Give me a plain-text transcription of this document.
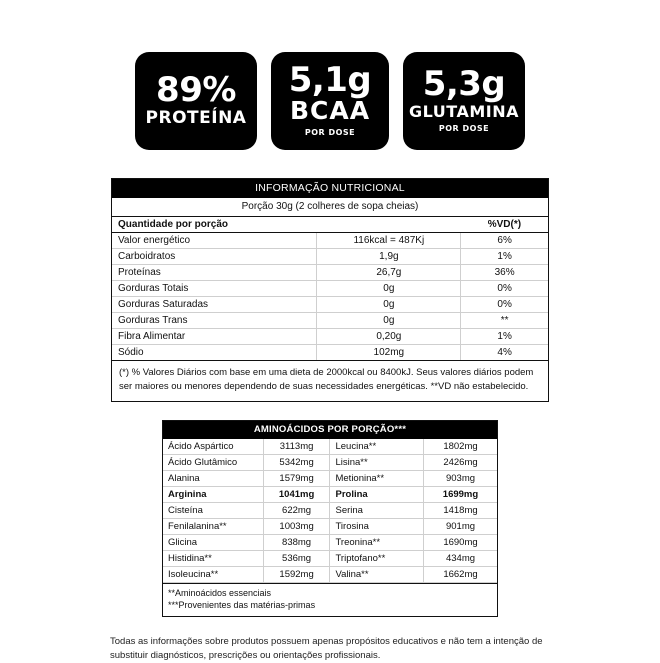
89%
PROTEÍNA
5,1g
BCAA
POR DOSE
5,3g
GLUTAMINA
POR DOSE
INFORMAÇÃO NUTRICIONAL
Porção 30g (2 colheres de sopa cheias)
Quantidade por porção		%VD(*)
Valor energético	116kcal = 487Kj	6%
Carboidratos	1,9g	1%
Proteínas	26,7g	36%
Gorduras Totais	0g	0%
Gorduras Saturadas	0g	0%
Gorduras Trans	0g	**
Fibra Alimentar	0,20g	1%
Sódio	102mg	4%
(*) % Valores Diários com base em uma dieta de 2000kcal ou 8400kJ. Seus valores diários podem ser maiores ou menores dependendo de suas necessidades energéticas. **VD não estabelecido.
AMINOÁCIDOS POR PORÇÃO***
Ácido Aspártico	3113mg	Leucina**	1802mg
Ácido Glutâmico	5342mg	Lisina**	2426mg
Alanina	1579mg	Metionina**	903mg
Arginina	1041mg	Prolina	1699mg
Cisteína	622mg	Serina	1418mg
Fenilalanina**	1003mg	Tirosina	901mg
Glicina	838mg	Treonina**	1690mg
Histidina**	536mg	Triptofano**	434mg
Isoleucina**	1592mg	Valina**	1662mg
**Aminoácidos essenciais
***Provenientes das matérias-primas
Todas as informações sobre produtos possuem apenas propósitos educativos e não tem a intenção de substituir diagnósticos, prescrições ou orientações profissionais.
